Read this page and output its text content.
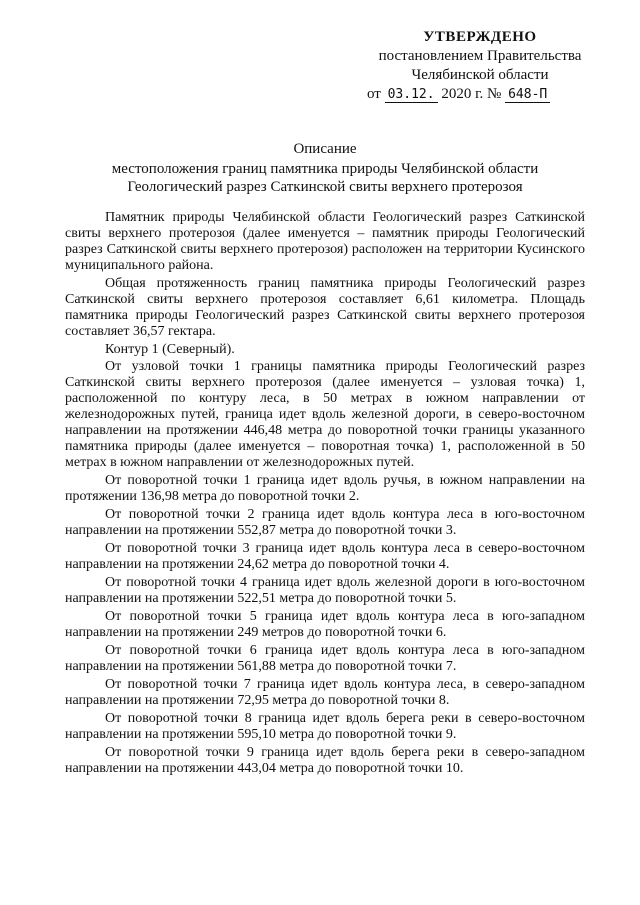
УТВЕРЖДЕНО
постановлением Правительства
Челябинской области
от 03.12. 2020 г. № 648-П
Описание
местоположения границ памятника природы Челябинской области
Геологический разрез Саткинской свиты верхнего протерозоя

Памятник природы Челябинской области Геологический разрез Саткинской свиты верхнего протерозоя (далее именуется – памятник природы Геологический разрез Саткинской свиты верхнего протерозоя) расположен на территории Кусинского муниципального района.

Общая протяженность границ памятника природы Геологический разрез Саткинской свиты верхнего протерозоя составляет 6,61 километра. Площадь памятника природы Геологический разрез Саткинской свиты верхнего протерозоя составляет 36,57 гектара.

Контур 1 (Северный).

От узловой точки 1 границы памятника природы Геологический разрез Саткинской свиты верхнего протерозоя (далее именуется – узловая точка) 1, расположенной по контуру леса, в 50 метрах в южном направлении от железнодорожных путей, граница идет вдоль железной дороги, в северо-восточном направлении на протяжении 446,48 метра до поворотной точки границы указанного памятника природы (далее именуется – поворотная точка) 1, расположенной в 50 метрах в южном направлении от железнодорожных путей.

От поворотной точки 1 граница идет вдоль ручья, в южном направлении на протяжении 136,98 метра до поворотной точки 2.

От поворотной точки 2 граница идет вдоль контура леса в юго-восточном направлении на протяжении 552,87 метра до поворотной точки 3.

От поворотной точки 3 граница идет вдоль контура леса в северо-восточном направлении на протяжении 24,62 метра до поворотной точки 4.

От поворотной точки 4 граница идет вдоль железной дороги в юго-восточном направлении на протяжении 522,51 метра до поворотной точки 5.

От поворотной точки 5 граница идет вдоль контура леса в юго-западном направлении на протяжении 249 метров до поворотной точки 6.

От поворотной точки 6 граница идет вдоль контура леса в юго-западном направлении на протяжении 561,88 метра до поворотной точки 7.

От поворотной точки 7 граница идет вдоль контура леса, в северо-западном направлении на протяжении 72,95 метра до поворотной точки 8.

От поворотной точки 8 граница идет вдоль берега реки в северо-восточном направлении на протяжении 595,10 метра до поворотной точки 9.

От поворотной точки 9 граница идет вдоль берега реки в северо-западном направлении на протяжении 443,04 метра до поворотной точки 10.
